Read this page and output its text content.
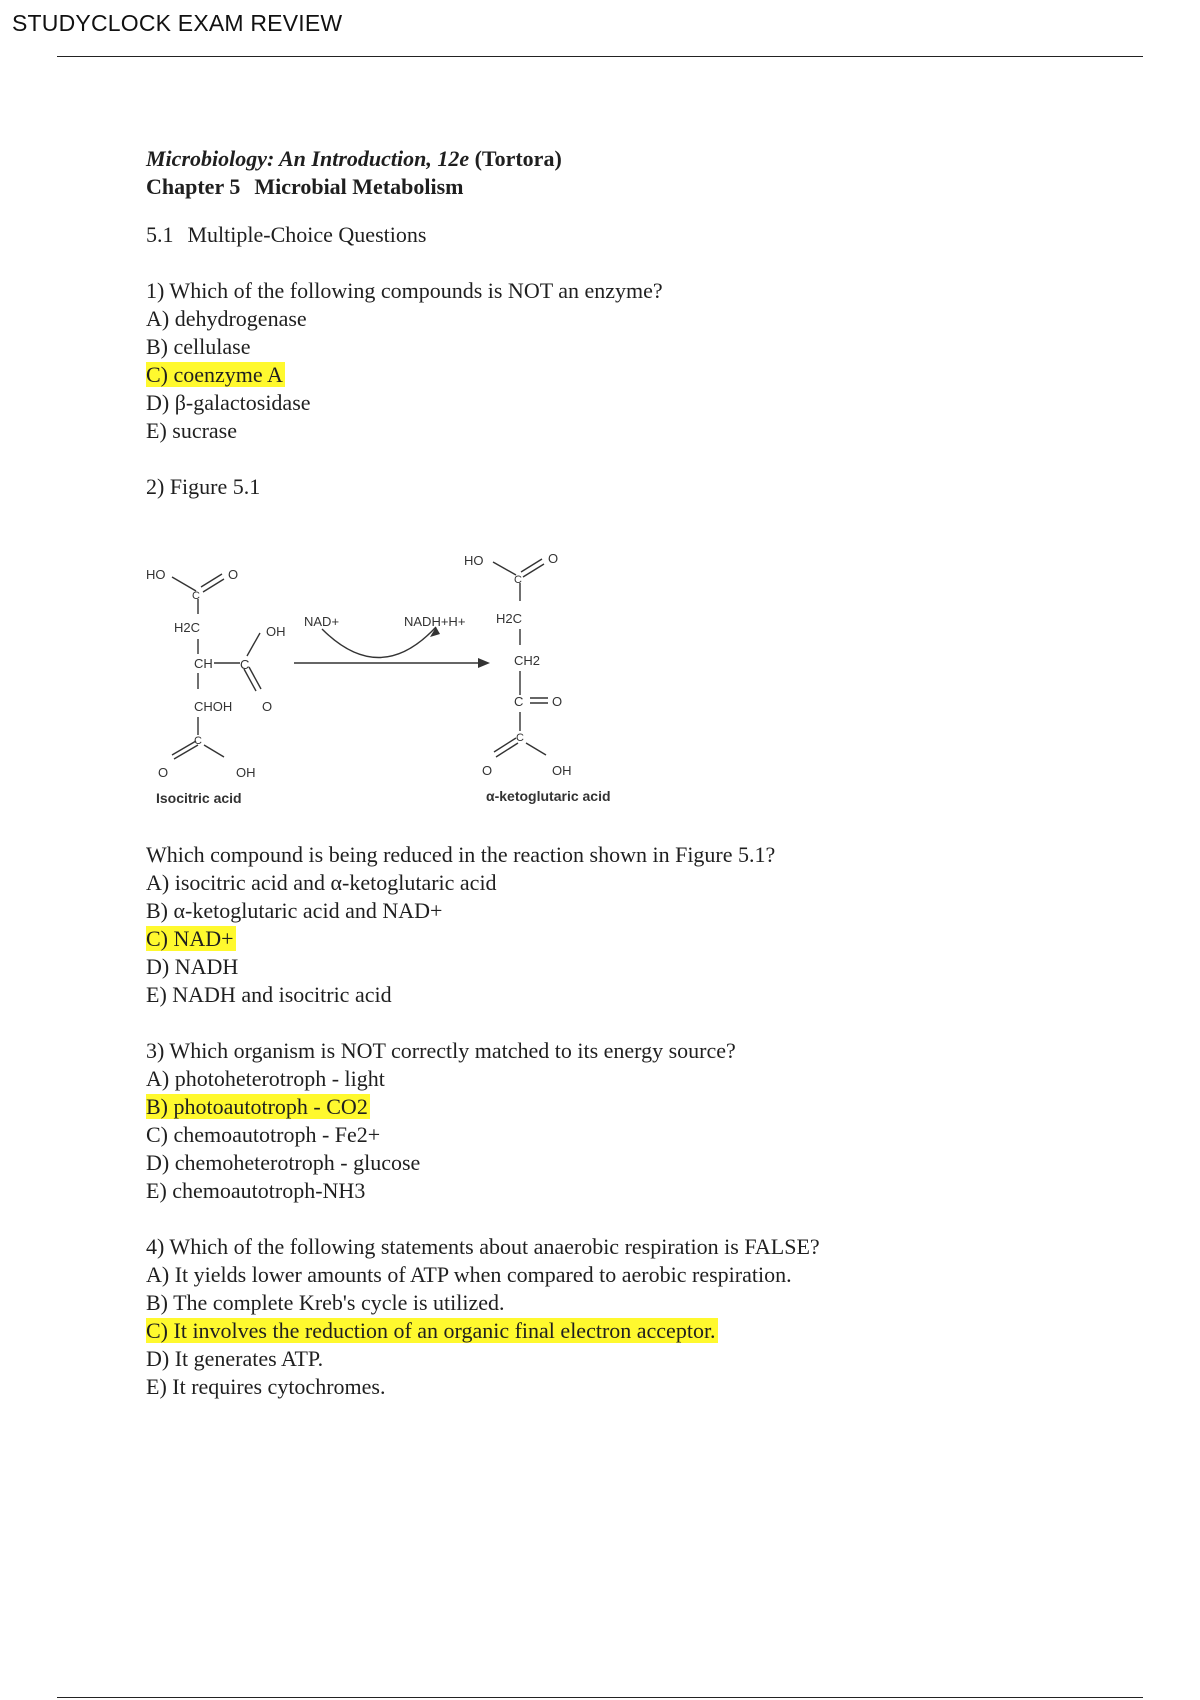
STUDYCLOCK EXAM REVIEW
Microbiology: An Introduction, 12e (Tortora)
Chapter 5 Microbial Metabolism
5.1 Multiple-Choice Questions
1) Which of the following compounds is NOT an enzyme?
A) dehydrogenase
B) cellulase
C) coenzyme A
D) β-galactosidase
E) sucrase
2) Figure 5.1
HO	O
C
H2C	OH
CH C
CHOH O
C
O	OH
Isocitric acid
NAD+	NADH+H+
HO	O
C
H2C
CH2
C O
C
O	OH
α-ketoglutaric acid
Which compound is being reduced in the reaction shown in Figure 5.1?
A) isocitric acid and α-ketoglutaric acid
B) α-ketoglutaric acid and NAD+
C) NAD+
D) NADH
E) NADH and isocitric acid
3) Which organism is NOT correctly matched to its energy source?
A) photoheterotroph - light
B) photoautotroph - CO2
C) chemoautotroph - Fe2+
D) chemoheterotroph - glucose
E) chemoautotroph-NH3
4) Which of the following statements about anaerobic respiration is FALSE?
A) It yields lower amounts of ATP when compared to aerobic respiration.
B) The complete Kreb's cycle is utilized.
C) It involves the reduction of an organic final electron acceptor.
D) It generates ATP.
E) It requires cytochromes.
